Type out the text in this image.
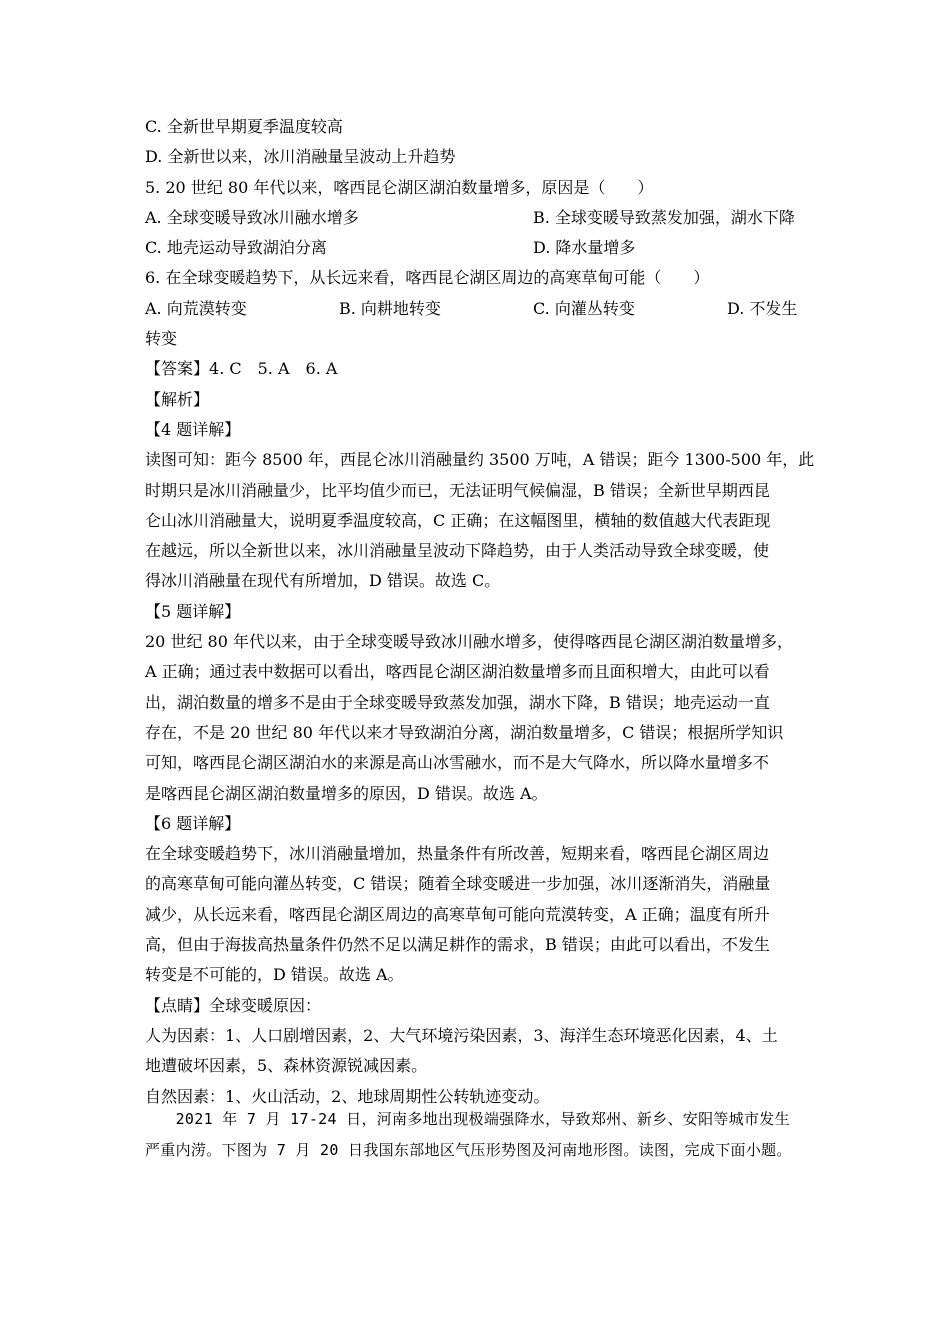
C. 全新世早期夏季温度较高
D. 全新世以来，冰川消融量呈波动上升趋势
5. 20 世纪 80 年代以来，喀西昆仑湖区湖泊数量增多，原因是（　　）
A. 全球变暖导致冰川融水增多	B. 全球变暖导致蒸发加强，湖水下降
C. 地壳运动导致湖泊分离	D. 降水量增多
6. 在全球变暖趋势下，从长远来看，喀西昆仑湖区周边的高寒草甸可能（　　）
A. 向荒漠转变	B. 向耕地转变	C. 向灌丛转变	D. 不发生
转变
【答案】4. C 5. A 6. A
【解析】
【4 题详解】
读图可知：距今 8500 年，西昆仑冰川消融量约 3500 万吨，A 错误；距今 1300-500 年，此
时期只是冰川消融量少，比平均值少而已，无法证明气候偏湿，B 错误；全新世早期西昆
仑山冰川消融量大，说明夏季温度较高，C 正确；在这幅图里，横轴的数值越大代表距现
在越远，所以全新世以来，冰川消融量呈波动下降趋势，由于人类活动导致全球变暖，使
得冰川消融量在现代有所增加，D 错误。故选 C。
【5 题详解】
20 世纪 80 年代以来，由于全球变暖导致冰川融水增多，使得喀西昆仑湖区湖泊数量增多，
A 正确；通过表中数据可以看出，喀西昆仑湖区湖泊数量增多而且面积增大，由此可以看
出，湖泊数量的增多不是由于全球变暖导致蒸发加强，湖水下降，B 错误；地壳运动一直
存在，不是 20 世纪 80 年代以来才导致湖泊分离，湖泊数量增多，C 错误；根据所学知识
可知，喀西昆仑湖区湖泊水的来源是高山冰雪融水，而不是大气降水，所以降水量增多不
是喀西昆仑湖区湖泊数量增多的原因，D 错误。故选 A。
【6 题详解】
在全球变暖趋势下，冰川消融量增加，热量条件有所改善，短期来看，喀西昆仑湖区周边
的高寒草甸可能向灌丛转变，C 错误；随着全球变暖进一步加强，冰川逐渐消失，消融量
减少，从长远来看，喀西昆仑湖区周边的高寒草甸可能向荒漠转变，A 正确；温度有所升
高，但由于海拔高热量条件仍然不足以满足耕作的需求，B 错误；由此可以看出，不发生
转变是不可能的，D 错误。故选 A。
【点睛】全球变暖原因：
人为因素：1、人口剧增因素，2、大气环境污染因素，3、海洋生态环境恶化因素，4、土
地遭破坏因素，5、森林资源锐减因素。
自然因素：1、火山活动，2、地球周期性公转轨迹变动。
　　2021 年 7 月 17-24 日，河南多地出现极端强降水，导致郑州、新乡、安阳等城市发生
严重内涝。下图为 7 月 20 日我国东部地区气压形势图及河南地形图。读图，完成下面小题。
